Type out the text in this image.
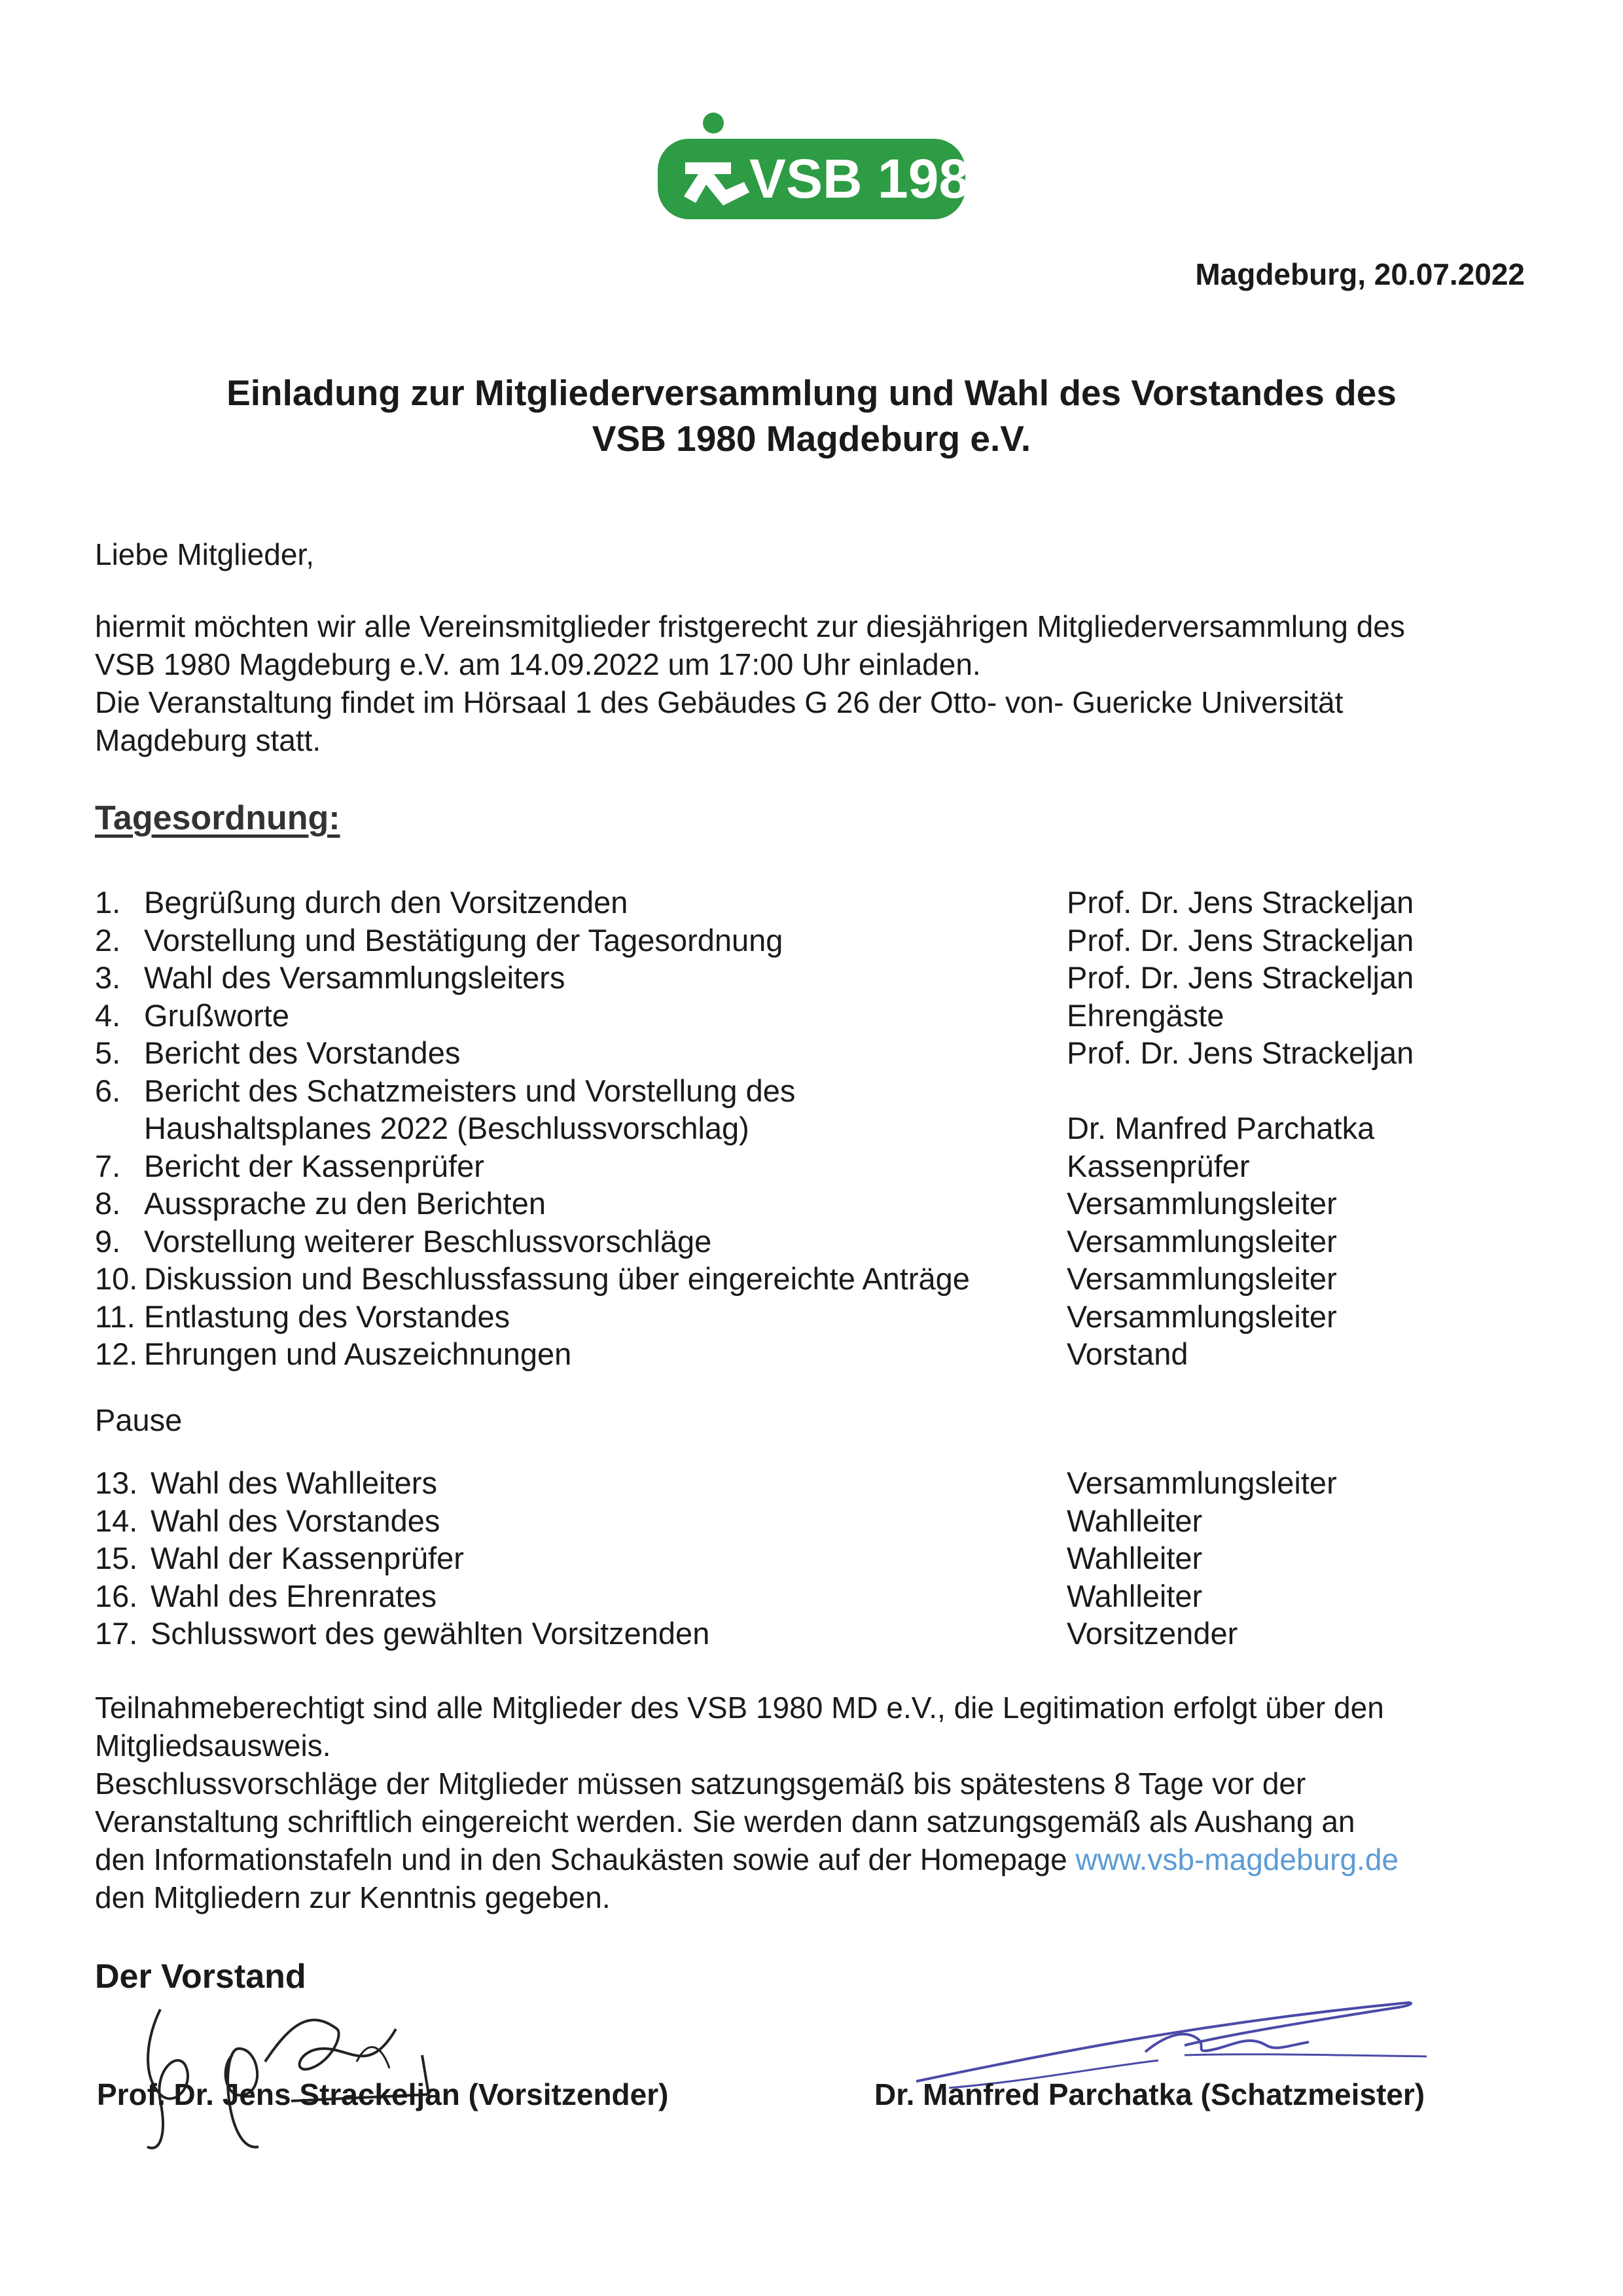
VSB 1980
Magdeburg, 20.07.2022
Einladung zur Mitgliederversammlung und Wahl des Vorstandes des
VSB 1980 Magdeburg e.V.
Liebe Mitglieder,
hiermit möchten wir alle Vereinsmitglieder fristgerecht zur diesjährigen Mitgliederversammlung des
VSB 1980 Magdeburg e.V. am 14.09.2022 um 17:00 Uhr einladen.
Die Veranstaltung findet im Hörsaal 1 des Gebäudes G 26 der Otto- von- Guericke Universität
Magdeburg statt.
Tagesordnung:
1. Begrüßung durch den Vorsitzenden	Prof. Dr. Jens Strackeljan
2. Vorstellung und Bestätigung der Tagesordnung	Prof. Dr. Jens Strackeljan
3. Wahl des Versammlungsleiters	Prof. Dr. Jens Strackeljan
4. Grußworte	Ehrengäste
5. Bericht des Vorstandes	Prof. Dr. Jens Strackeljan
6. Bericht des Schatzmeisters und Vorstellung des
Haushaltsplanes 2022 (Beschlussvorschlag)	Dr. Manfred Parchatka
7. Bericht der Kassenprüfer	Kassenprüfer
8. Aussprache zu den Berichten	Versammlungsleiter
9. Vorstellung weiterer Beschlussvorschläge	Versammlungsleiter
10. Diskussion und Beschlussfassung über eingereichte Anträge	Versammlungsleiter
11. Entlastung des Vorstandes	Versammlungsleiter
12. Ehrungen und Auszeichnungen	Vorstand
Pause
13. Wahl des Wahlleiters	Versammlungsleiter
14. Wahl des Vorstandes	Wahlleiter
15. Wahl der Kassenprüfer	Wahlleiter
16. Wahl des Ehrenrates	Wahlleiter
17. Schlusswort des gewählten Vorsitzenden	Vorsitzender
Teilnahmeberechtigt sind alle Mitglieder des VSB 1980 MD e.V., die Legitimation erfolgt über den
Mitgliedsausweis.
Beschlussvorschläge der Mitglieder müssen satzungsgemäß bis spätestens 8 Tage vor der
Veranstaltung schriftlich eingereicht werden. Sie werden dann satzungsgemäß als Aushang an
den Informationstafeln und in den Schaukästen sowie auf der Homepage www.vsb-magdeburg.de
den Mitgliedern zur Kenntnis gegeben.
Der Vorstand
Prof. Dr. Jens Strackeljan (Vorsitzender)	Dr. Manfred Parchatka (Schatzmeister)
